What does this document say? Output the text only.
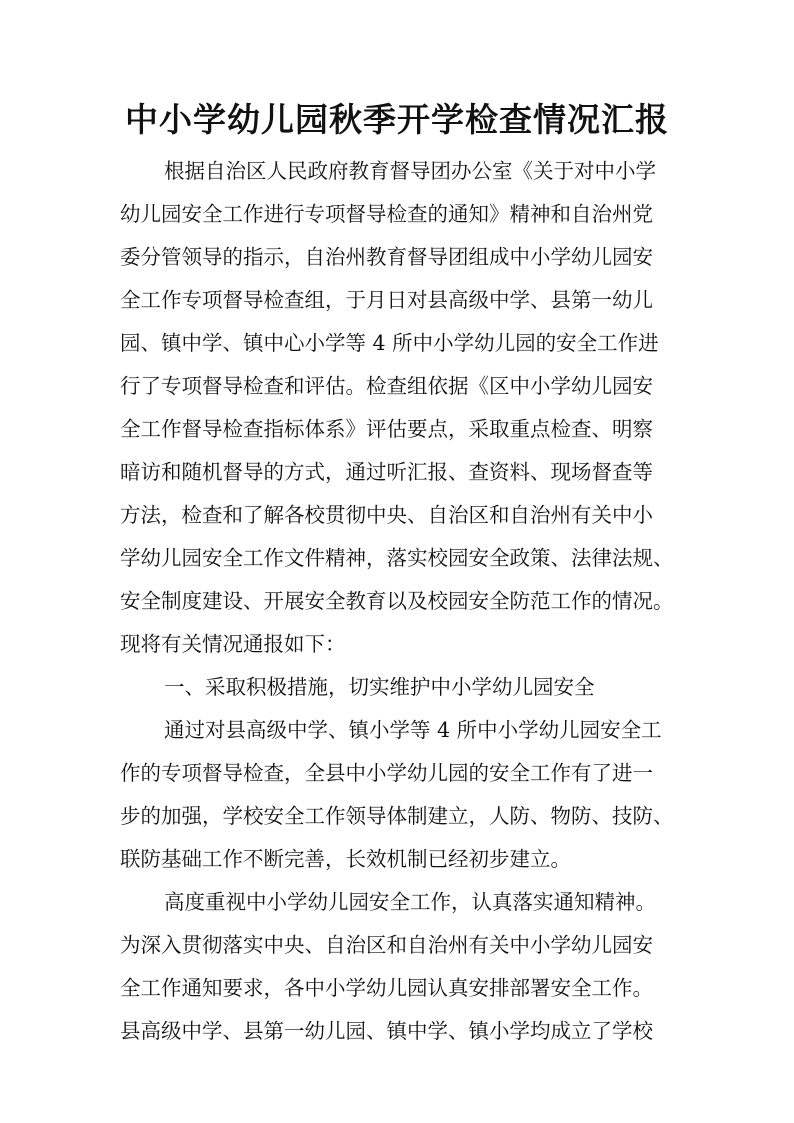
中小学幼儿园秋季开学检查情况汇报
根据自治区人民政府教育督导团办公室《关于对中小学
幼儿园安全工作进行专项督导检查的通知》精神和自治州党
委分管领导的指示，自治州教育督导团组成中小学幼儿园安
全工作专项督导检查组，于月日对县高级中学、县第一幼儿
园、镇中学、镇中心小学等 4 所中小学幼儿园的安全工作进
行了专项督导检查和评估。检查组依据《区中小学幼儿园安
全工作督导检查指标体系》评估要点，采取重点检查、明察
暗访和随机督导的方式，通过听汇报、查资料、现场督查等
方法，检查和了解各校贯彻中央、自治区和自治州有关中小
学幼儿园安全工作文件精神，落实校园安全政策、法律法规、
安全制度建设、开展安全教育以及校园安全防范工作的情况。
现将有关情况通报如下：
一、采取积极措施，切实维护中小学幼儿园安全
通过对县高级中学、镇小学等 4 所中小学幼儿园安全工
作的专项督导检查，全县中小学幼儿园的安全工作有了进一
步的加强，学校安全工作领导体制建立，人防、物防、技防、
联防基础工作不断完善，长效机制已经初步建立。
高度重视中小学幼儿园安全工作，认真落实通知精神。
为深入贯彻落实中央、自治区和自治州有关中小学幼儿园安
全工作通知要求，各中小学幼儿园认真安排部署安全工作。
县高级中学、县第一幼儿园、镇中学、镇小学均成立了学校
